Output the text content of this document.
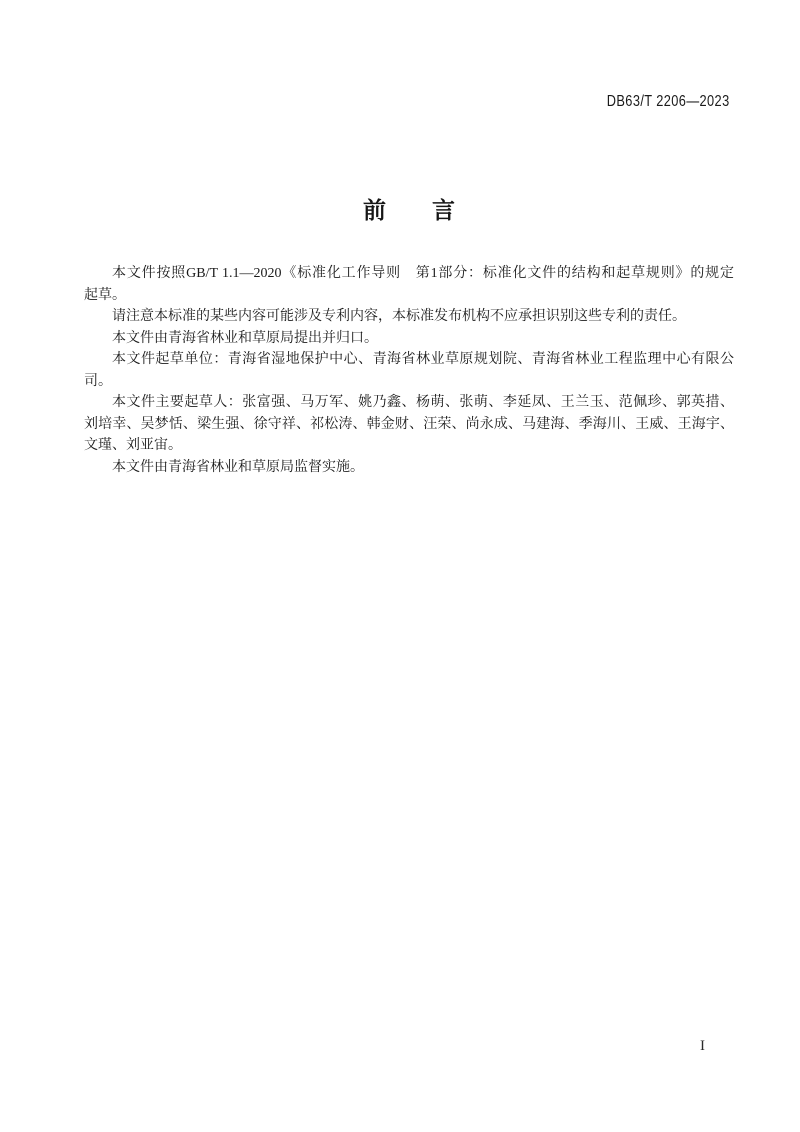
DB63/T 2206—2023
前　　言
本文件按照GB/T 1.1—2020《标准化工作导则　第1部分：标准化文件的结构和起草规则》的规定
起草。
请注意本标准的某些内容可能涉及专利内容，本标准发布机构不应承担识别这些专利的责任。
本文件由青海省林业和草原局提出并归口。
本文件起草单位：青海省湿地保护中心、青海省林业草原规划院、青海省林业工程监理中心有限公
司。
本文件主要起草人：张富强、马万军、姚乃鑫、杨萌、张萌、李延凤、王兰玉、范佩珍、郭英措、
刘培幸、吴梦恬、梁生强、徐守祥、祁松涛、韩金财、汪荣、尚永成、马建海、季海川、王威、王海宇、
文瑾、刘亚宙。
本文件由青海省林业和草原局监督实施。
I
